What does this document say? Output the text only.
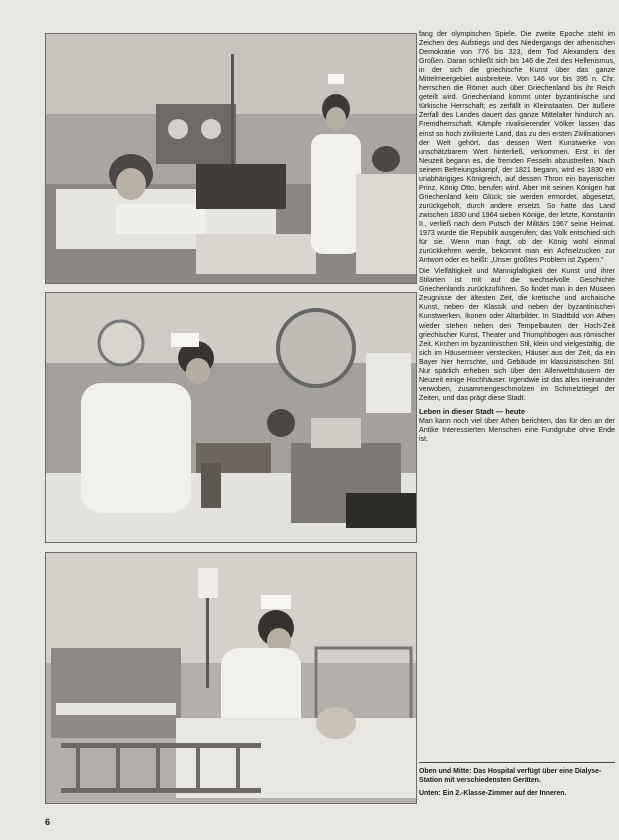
fang der olympischen Spiele. Die zweite Epoche steht im Zeichen des Aufstiegs und des Niedergangs der athenischen Demokratie von 776 bis 323, dem Tod Alexanders des Großen. Daran schließt sich bis 146 die Zeit des Hellenismus, in der sich die griechische Kunst über das ganze Mittelmeergebiet ausbreitete. Von 146 vor bis 395 n. Chr. herrschen die Römer auch über Griechenland bis ihr Reich geteilt wird. Griechenland kommt unter byzantinische und türkische Herrschaft; es zerfällt in Kleinstaaten. Der äußere Zerfall des Landes dauert das ganze Mittelalter hindurch an. Fremdherrschaft, Kämpfe rivalisierender Völker lassen das einst so hoch zivilisierte Land, das zu den ersten Zivilisationen der Welt gehört, das dessen Wert Kunstwerke von unschätzbarem Wert hinterließ, verkommen. Erst in der Neuzeit begann es, die fremden Fesseln abzustreifen. Nach seinem Befreiungskampf, der 1821 begann, wird es 1830 ein unabhängiges Königreich, auf dessen Thron ein bayerischer Prinz, König Otto, berufen wird. Aber mit seinen Königen hat Griechenland kein Glück; sie werden ermordet, abgesetzt, zurückgeholt, durch andere ersetzt. So hatte das Land zwischen 1830 und 1964 sieben Könige, der letzte, Konstantin II., verließ nach dem Putsch der Militärs 1967 seine Heimat. 1973 wurde die Republik ausgerufen; das Volk entschied sich für sie. Wenn man fragt, ob der König wohl einmal zurückkehren werde, bekommt man ein Achselzucken zur Antwort oder es heißt: „Unser größtes Problem ist Zypern.“

Die Vielfältigkeit und Mannigfaltigkeit der Kunst und ihrer Stilarten ist mit auf die wechselvolle Geschichte Griechenlands zurückzuführen. So findet man in den Museen Zeugnisse der ältesten Zeit, die kretische und archaische Kunst, neben der Klassik und neben der byzantinischen Kunstwerken, Ikonen oder Altarbilder. In Stadtbild von Athen wieder stehen neben den Tempelbauten der Hoch-Zeit griechischer Kunst, Theater und Triumphbogen aus römischer Zeit, Kirchen im byzantinischen Stil, klein und vielgestaltig, die sich im Häusermeer verstecken, Häuser aus der Zeit, da ein Bayer hier herrschte, und Gebäude im klassizistischen Stil. Nur spärlich erheben sich über den Allerweltshäusern der Neuzeit einige Hochhäuser. Irgendwie ist das alles ineinander verwoben, zusammengeschmolzen im Schmelztiegel der Zeiten, und das prägt diese Stadt.

Leben in dieser Stadt — heute

Man kann noch viel über Athen berichten, das für den an der Antike Interessierten Menschen eine Fundgrube ohne Ende ist.

Oben und Mitte: Das Hospital verfügt über eine Dialyse-Station mit verschiedensten Geräten.

Unten: Ein 2.-Klasse-Zimmer auf der Inneren.

6
